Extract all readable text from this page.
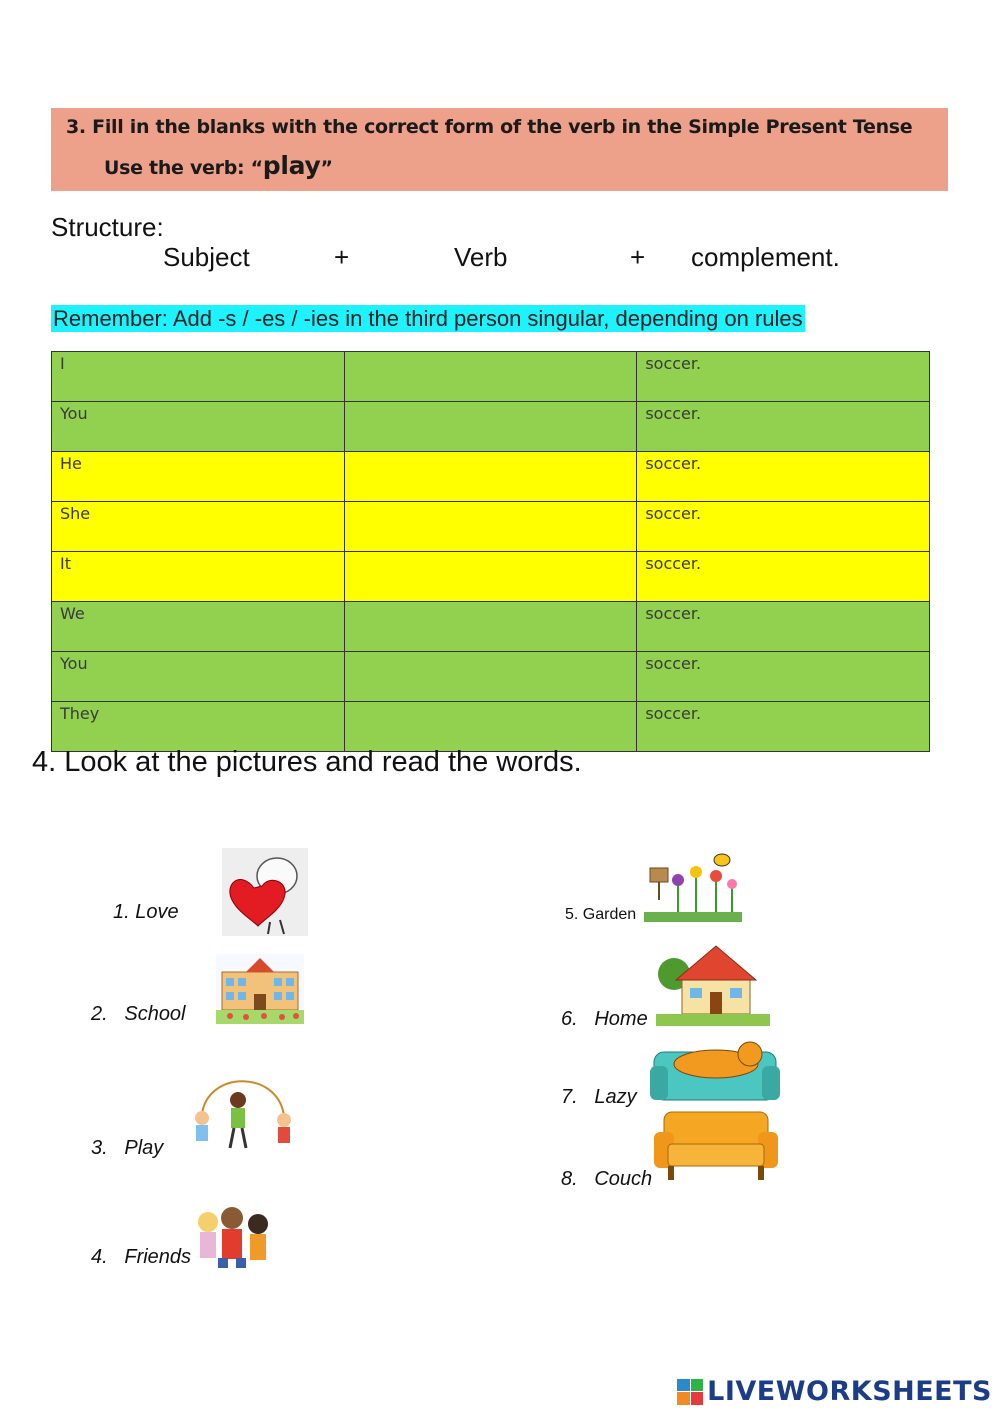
3. Fill in the blanks with the correct form of the verb in the Simple Present Tense
Use the verb: “play”
Structure:
Subject	+	Verb	+ complement.
Remember: Add -s / -es / -ies in the third person singular, depending on rules
I		soccer.
You		soccer.
He		soccer.
She		soccer.
It		soccer.
We		soccer.
You		soccer.
They		soccer.
4. Look at the pictures and read the words.
1. Love
2.   School
3.   Play
4.   Friends
5. Garden
6.   Home
7.   Lazy
8.   Couch
LIVEWORKSHEETS
